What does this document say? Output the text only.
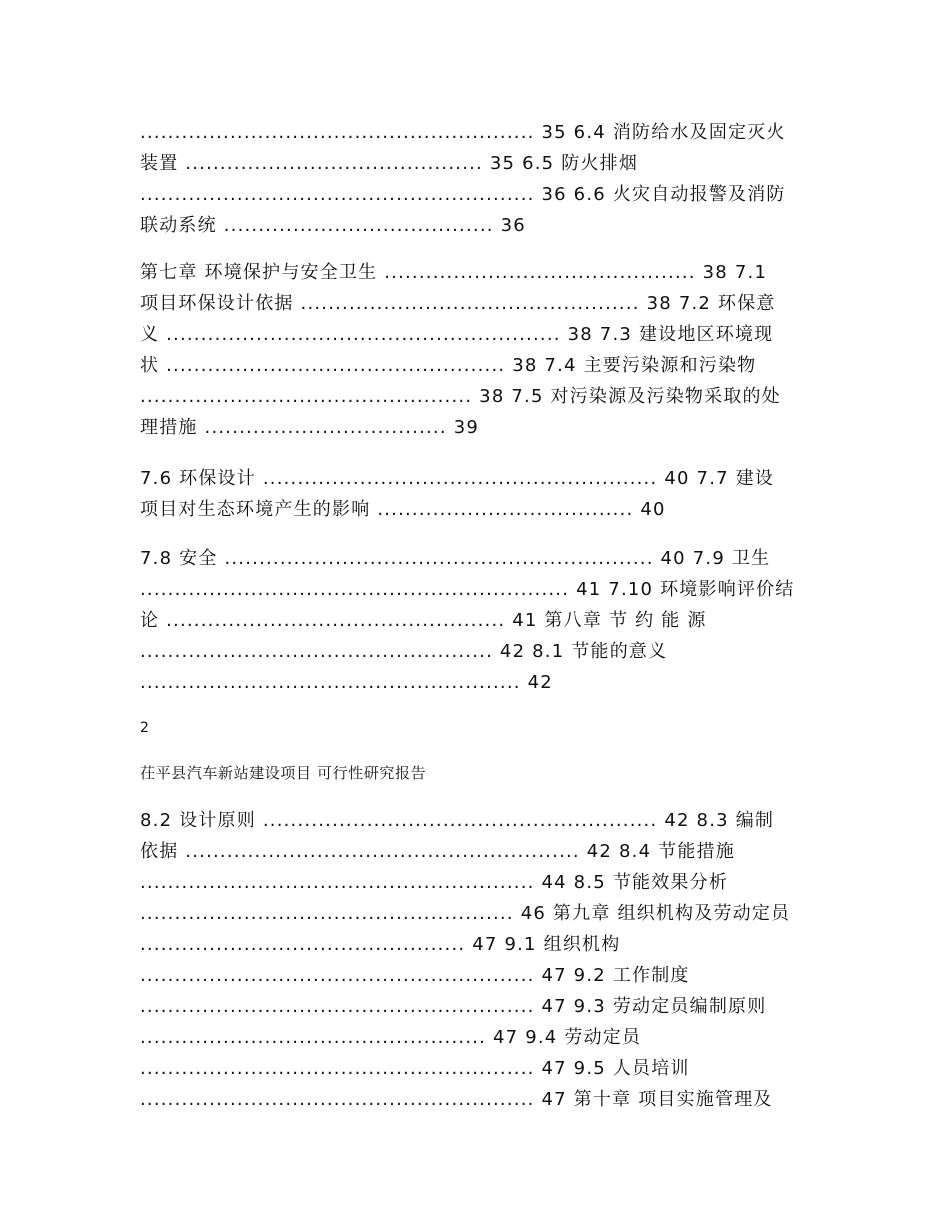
......................................................... 35 6.4 消防给水及固定灭火
装置 ........................................... 35 6.5 防火排烟
......................................................... 36 6.6 火灾自动报警及消防
联动系统 ....................................... 36
第七章 环境保护与安全卫生 ............................................. 38 7.1
项目环保设计依据 ................................................. 38 7.2 环保意
义 ......................................................... 38 7.3 建设地区环境现
状 ................................................. 38 7.4 主要污染源和污染物
................................................ 38 7.5 对污染源及污染物采取的处
理措施 ................................... 39
7.6 环保设计 ......................................................... 40 7.7 建设
项目对生态环境产生的影响 ..................................... 40
7.8 安全 .............................................................. 40 7.9 卫生
.............................................................. 41 7.10 环境影响评价结
论 ................................................. 41 第八章 节 约 能 源
................................................... 42 8.1 节能的意义
....................................................... 42
2
茌平县汽车新站建设项目 可行性研究报告
8.2 设计原则 ......................................................... 42 8.3 编制
依据 ......................................................... 42 8.4 节能措施
......................................................... 44 8.5 节能效果分析
...................................................... 46 第九章 组织机构及劳动定员
............................................... 47 9.1 组织机构
......................................................... 47 9.2 工作制度
......................................................... 47 9.3 劳动定员编制原则
.................................................. 47 9.4 劳动定员
......................................................... 47 9.5 人员培训
......................................................... 47 第十章 项目实施管理及
